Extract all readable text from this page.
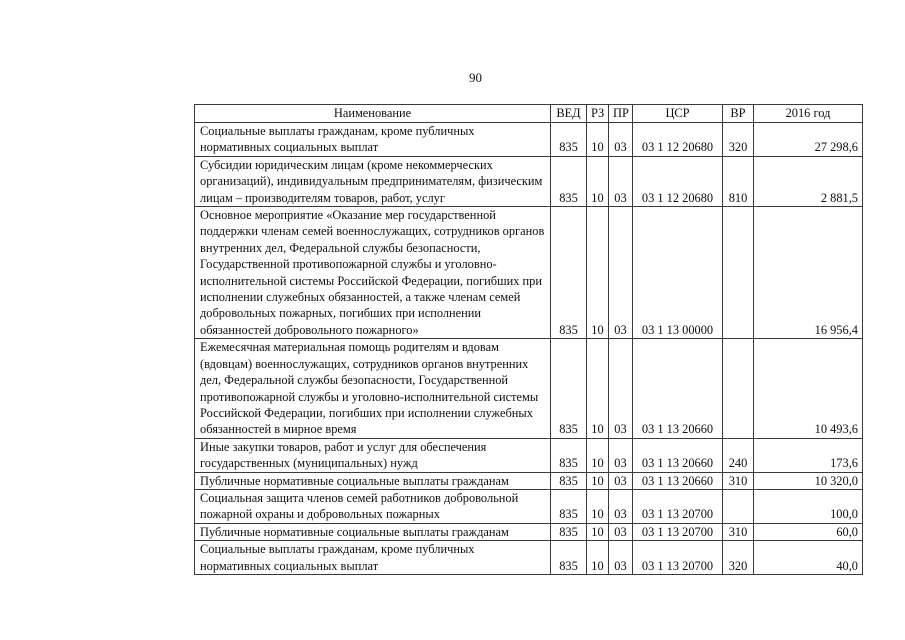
90
Наименование	ВЕД	РЗ	ПР	ЦСР	ВР	2016 год
Социальные выплаты гражданам, кроме публичных нормативных социальных выплат	835	10	03	03 1 12 20680	320	27 298,6
Субсидии юридическим лицам (кроме некоммерческих организаций), индивидуальным предпринимателям, физическим лицам – производителям товаров, работ, услуг	835	10	03	03 1 12 20680	810	2 881,5
Основное мероприятие «Оказание мер государственной поддержки членам семей военнослужащих, сотрудников органов внутренних дел, Федеральной службы безопасности, Государственной противопожарной службы и уголовно-исполнительной системы Российской Федерации, погибших при исполнении служебных обязанностей, а также членам семей добровольных пожарных, погибших при исполнении обязанностей добровольного пожарного»	835	10	03	03 1 13 00000		16 956,4
Ежемесячная материальная помощь родителям и вдовам (вдовцам) военнослужащих, сотрудников органов внутренних дел, Федеральной службы безопасности, Государственной противопожарной службы и уголовно-исполнительной системы Российской Федерации, погибших при исполнении служебных обязанностей в мирное время	835	10	03	03 1 13 20660		10 493,6
Иные закупки товаров, работ и услуг для обеспечения государственных (муниципальных) нужд	835	10	03	03 1 13 20660	240	173,6
Публичные нормативные социальные выплаты гражданам	835	10	03	03 1 13 20660	310	10 320,0
Социальная защита членов семей работников добровольной пожарной охраны и добровольных пожарных	835	10	03	03 1 13 20700		100,0
Публичные нормативные социальные выплаты гражданам	835	10	03	03 1 13 20700	310	60,0
Социальные выплаты гражданам, кроме публичных нормативных социальных выплат	835	10	03	03 1 13 20700	320	40,0
